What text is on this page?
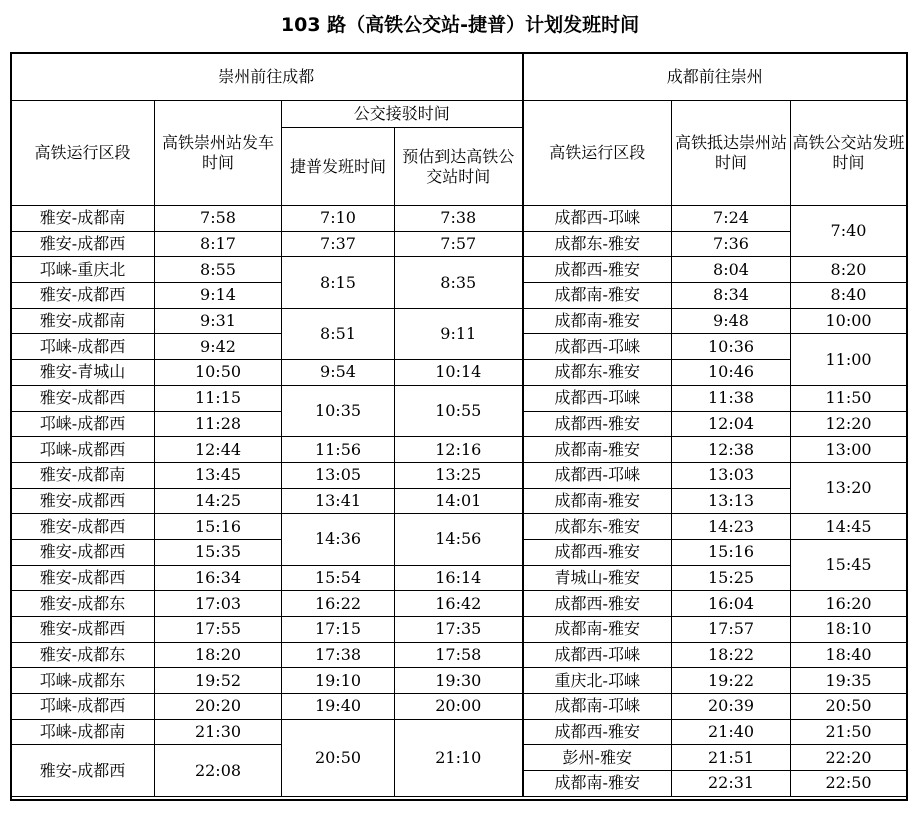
103 路（高铁公交站-捷普）计划发班时间
崇州前往成都				成都前往崇州		
高铁运行区段	高铁崇州站发车时间	公交接驳时间		高铁运行区段	高铁抵达崇州站时间	高铁公交站发班时间
		捷普发班时间	预估到达高铁公交站时间			
雅安-成都南	7:58	7:10	7:38	成都西-邛崃	7:24	7:40
雅安-成都西	8:17	7:37	7:57	成都东-雅安	7:36	
邛崃-重庆北	8:55	8:15	8:35	成都西-雅安	8:04	8:20
雅安-成都西	9:14			成都南-雅安	8:34	8:40
雅安-成都南	9:31	8:51	9:11	成都南-雅安	9:48	10:00
邛崃-成都西	9:42			成都西-邛崃	10:36	11:00
雅安-青城山	10:50	9:54	10:14	成都东-雅安	10:46	
雅安-成都西	11:15	10:35	10:55	成都西-邛崃	11:38	11:50
邛崃-成都西	11:28			成都西-雅安	12:04	12:20
邛崃-成都西	12:44	11:56	12:16	成都南-雅安	12:38	13:00
雅安-成都南	13:45	13:05	13:25	成都西-邛崃	13:03	13:20
雅安-成都西	14:25	13:41	14:01	成都南-雅安	13:13	
雅安-成都西	15:16	14:36	14:56	成都东-雅安	14:23	14:45
雅安-成都西	15:35			成都西-雅安	15:16	15:45
雅安-成都西	16:34	15:54	16:14	青城山-雅安	15:25	
雅安-成都东	17:03	16:22	16:42	成都西-雅安	16:04	16:20
雅安-成都西	17:55	17:15	17:35	成都南-雅安	17:57	18:10
雅安-成都东	18:20	17:38	17:58	成都西-邛崃	18:22	18:40
邛崃-成都东	19:52	19:10	19:30	重庆北-邛崃	19:22	19:35
邛崃-成都西	20:20	19:40	20:00	成都南-邛崃	20:39	20:50
邛崃-成都南	21:30	20:50	21:10	成都西-雅安	21:40	21:50
雅安-成都西	22:08			彭州-雅安	21:51	22:20
				成都南-雅安	22:31	22:50
